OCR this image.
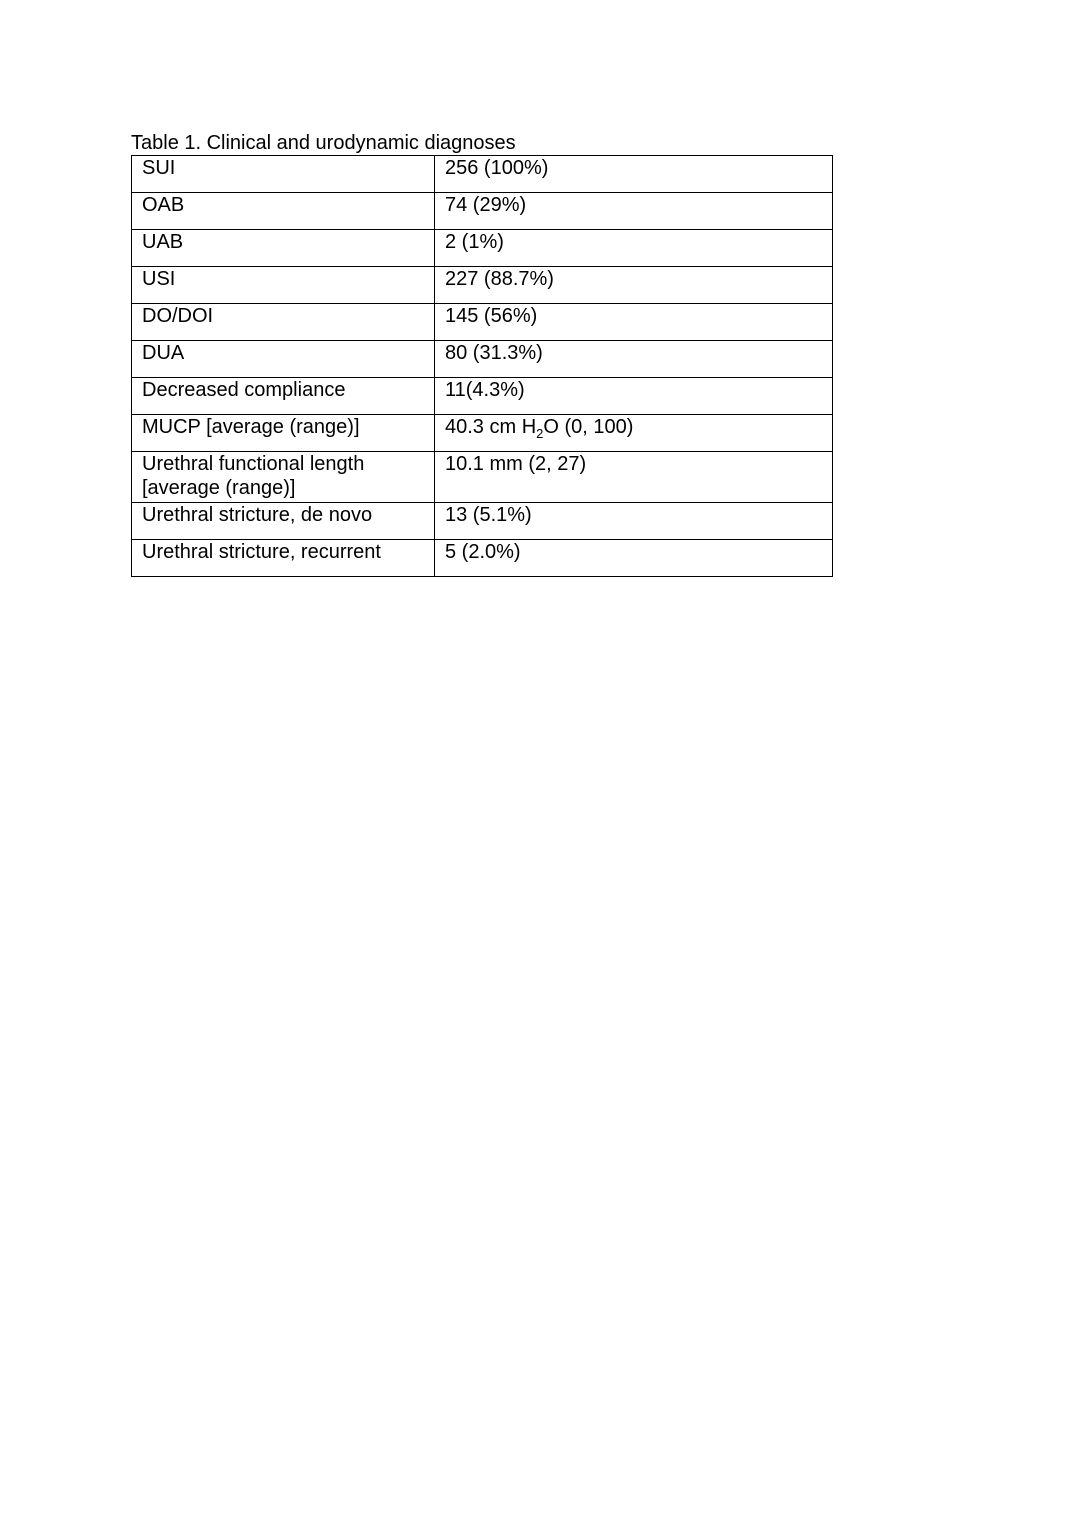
Table 1. Clinical and urodynamic diagnoses
SUI	256 (100%)
OAB	74 (29%)
UAB	2 (1%)
USI	227 (88.7%)
DO/DOI	145 (56%)
DUA	80 (31.3%)
Decreased compliance	11(4.3%)
MUCP [average (range)]	40.3 cm $H_2O$ (0, 100)
Urethral functional length
[average (range)]	10.1 mm (2, 27)
Urethral stricture, de novo	13 (5.1%)
Urethral stricture, recurrent	5 (2.0%)
